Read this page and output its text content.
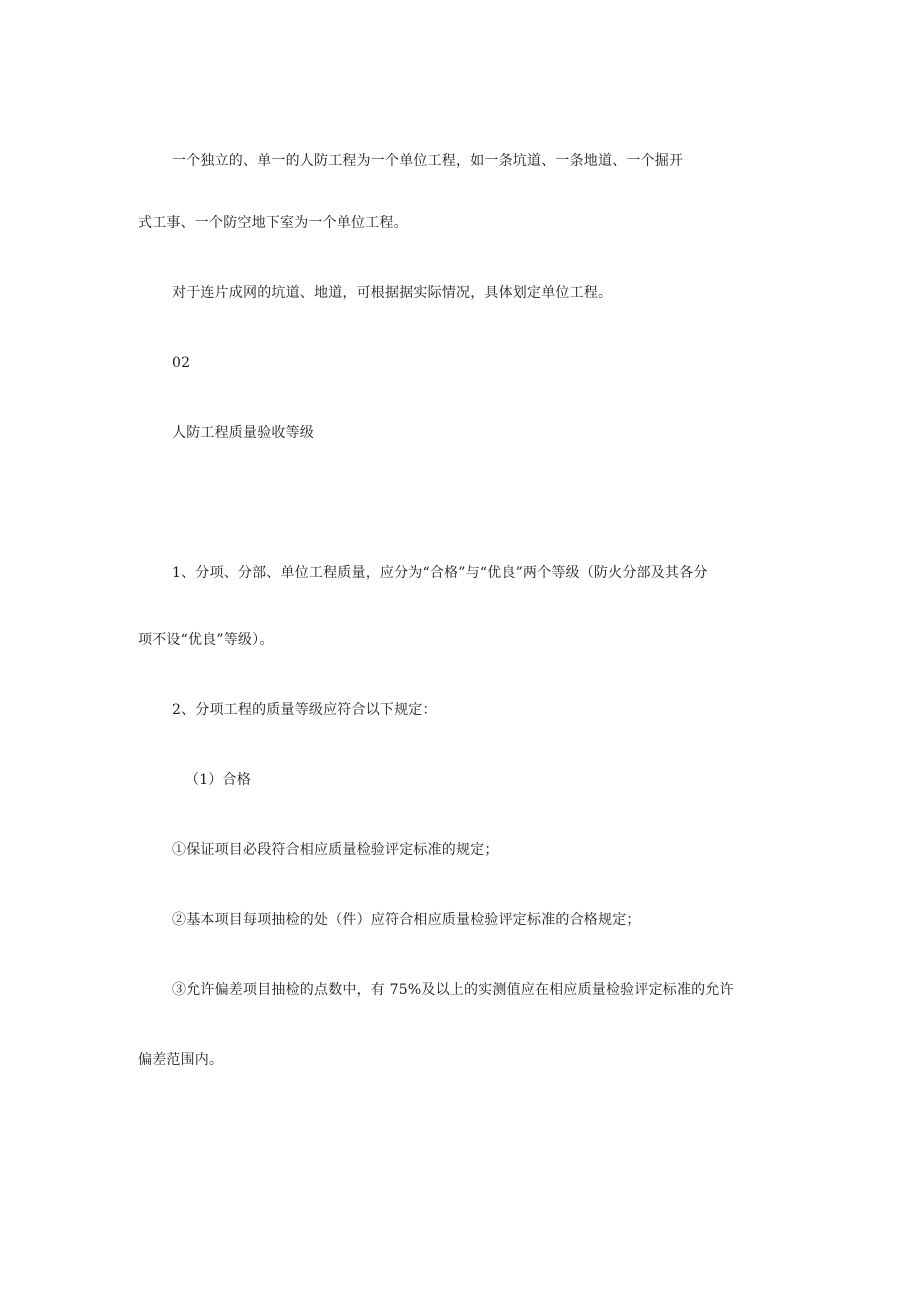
一个独立的、单一的人防工程为一个单位工程，如一条坑道、一条地道、一个掘开
式工事、一个防空地下室为一个单位工程。
对于连片成网的坑道、地道，可根据据实际情况，具体划定单位工程。
02
人防工程质量验收等级
1、分项、分部、单位工程质量，应分为“合格”与“优良”两个等级（防火分部及其各分
项不设“优良”等级）。
2、分项工程的质量等级应符合以下规定：
（1）合格
①保证项目必段符合相应质量检验评定标准的规定；
②基本项目每项抽检的处（件）应符合相应质量检验评定标准的合格规定；
③允许偏差项目抽检的点数中，有 75%及以上的实测值应在相应质量检验评定标准的允许
偏差范围内。
